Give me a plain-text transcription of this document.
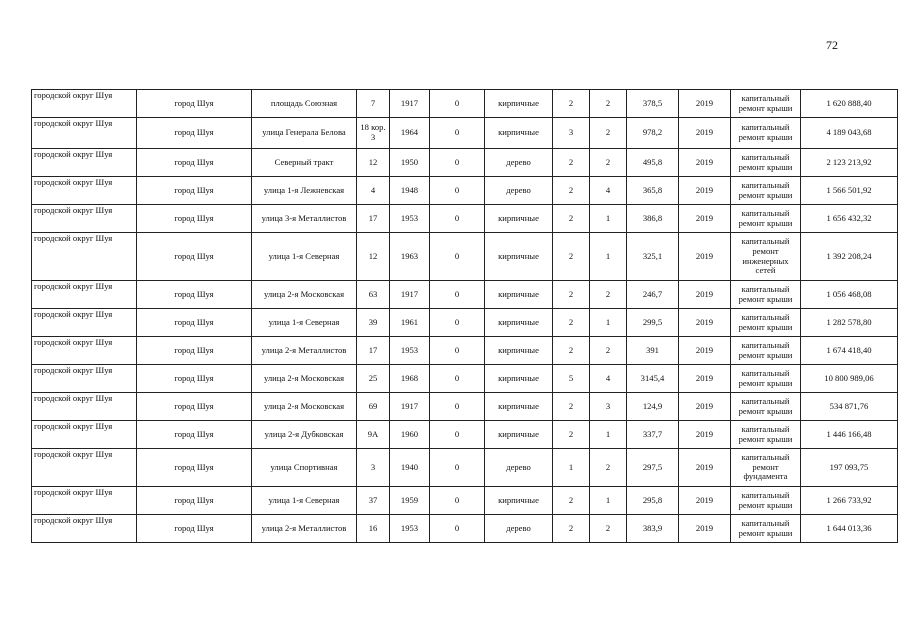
72
городской округ Шуя	город Шуя	площадь Союзная	7	1917	0	кирпичные	2	2	378,5	2019	капитальный ремонт крыши	1 620 888,40
городской округ Шуя	город Шуя	улица Генерала Белова	18 кор. 3	1964	0	кирпичные	3	2	978,2	2019	капитальный ремонт крыши	4 189 043,68
городской округ Шуя	город Шуя	Северный тракт	12	1950	0	дерево	2	2	495,8	2019	капитальный ремонт крыши	2 123 213,92
городской округ Шуя	город Шуя	улица 1-я Лежневская	4	1948	0	дерево	2	4	365,8	2019	капитальный ремонт крыши	1 566 501,92
городской округ Шуя	город Шуя	улица 3-я Металлистов	17	1953	0	кирпичные	2	1	386,8	2019	капитальный ремонт крыши	1 656 432,32
городской округ Шуя	город Шуя	улица 1-я Северная	12	1963	0	кирпичные	2	1	325,1	2019	капитальный ремонт инженерных сетей	1 392 208,24
городской округ Шуя	город Шуя	улица 2-я Московская	63	1917	0	кирпичные	2	2	246,7	2019	капитальный ремонт крыши	1 056 468,08
городской округ Шуя	город Шуя	улица 1-я Северная	39	1961	0	кирпичные	2	1	299,5	2019	капитальный ремонт крыши	1 282 578,80
городской округ Шуя	город Шуя	улица 2-я Металлистов	17	1953	0	кирпичные	2	2	391	2019	капитальный ремонт крыши	1 674 418,40
городской округ Шуя	город Шуя	улица 2-я Московская	25	1968	0	кирпичные	5	4	3145,4	2019	капитальный ремонт крыши	10 800 989,06
городской округ Шуя	город Шуя	улица 2-я Московская	69	1917	0	кирпичные	2	3	124,9	2019	капитальный ремонт крыши	534 871,76
городской округ Шуя	город Шуя	улица 2-я Дубковская	9А	1960	0	кирпичные	2	1	337,7	2019	капитальный ремонт крыши	1 446 166,48
городской округ Шуя	город Шуя	улица Спортивная	3	1940	0	дерево	1	2	297,5	2019	капитальный ремонт фундамента	197 093,75
городской округ Шуя	город Шуя	улица 1-я Северная	37	1959	0	кирпичные	2	1	295,8	2019	капитальный ремонт крыши	1 266 733,92
городской округ Шуя	город Шуя	улица 2-я Металлистов	16	1953	0	дерево	2	2	383,9	2019	капитальный ремонт крыши	1 644 013,36
